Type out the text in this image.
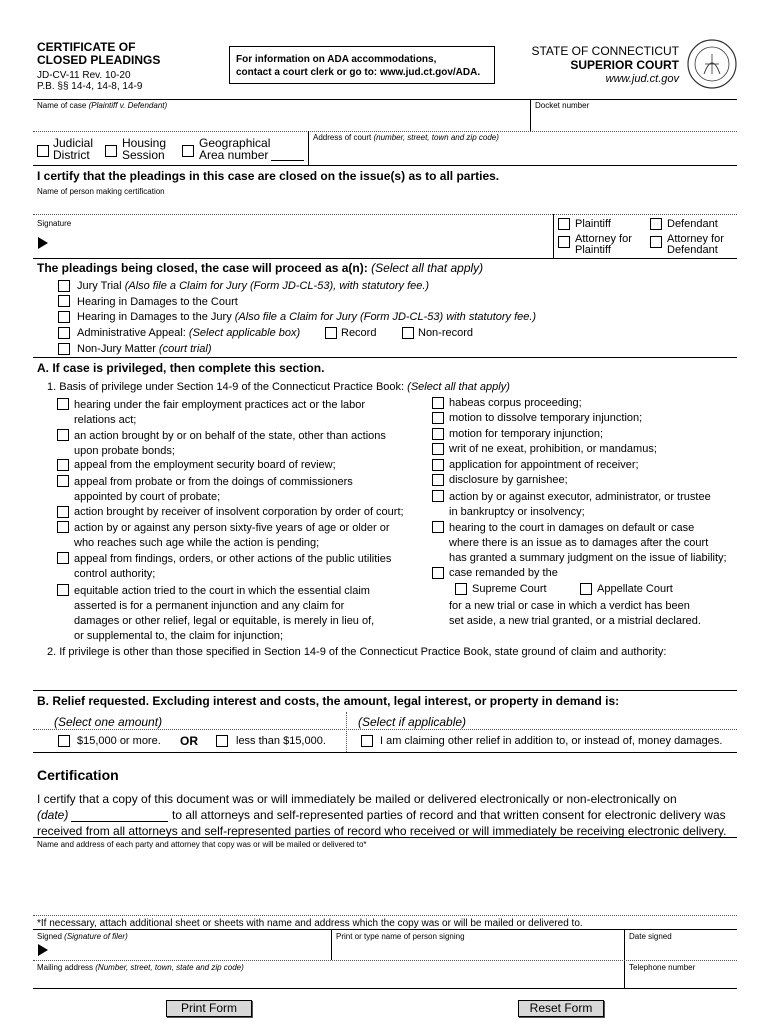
CERTIFICATE OF
CLOSED PLEADINGS
JD-CV-11 Rev. 10-20
P.B. §§ 14-4, 14-8, 14-9
For information on ADA accommodations,
contact a court clerk or go to: www.jud.ct.gov/ADA.
STATE OF CONNECTICUT
SUPERIOR COURT
www.jud.ct.gov
Name of case (Plaintiff v. Defendant)	Docket number
Judicial
District
Housing
Session
Geographical
Area number
Address of court (number, street, town and zip code)
I certify that the pleadings in this case are closed on the issue(s) as to all parties.
Name of person making certification
Signature	Plaintiff	Defendant
Attorney for
Plaintiff
Attorney for
Defendant
The pleadings being closed, the case will proceed as a(n): (Select all that apply)
Jury Trial (Also file a Claim for Jury (Form JD-CL-53), with statutory fee.)
Hearing in Damages to the Court
Hearing in Damages to the Jury (Also file a Claim for Jury (Form JD-CL-53) with statutory fee.)
Administrative Appeal: (Select applicable box)	Record	Non-record
Non-Jury Matter (court trial)
A. If case is privileged, then complete this section.
1. Basis of privilege under Section 14-9 of the Connecticut Practice Book: (Select all that apply)
hearing under the fair employment practices act or the labor
relations act;
an action brought by or on behalf of the state, other than actions
upon probate bonds;
appeal from the employment security board of review;
appeal from probate or from the doings of commissioners
appointed by court of probate;
action brought by receiver of insolvent corporation by order of court;
action by or against any person sixty-five years of age or older or
who reaches such age while the action is pending;
appeal from findings, orders, or other actions of the public utilities
control authority;
equitable action tried to the court in which the essential claim
asserted is for a permanent injunction and any claim for
damages or other relief, legal or equitable, is merely in lieu of,
or supplemental to, the claim for injunction;
habeas corpus proceeding;
motion to dissolve temporary injunction;
motion for temporary injunction;
writ of ne exeat, prohibition, or mandamus;
application for appointment of receiver;
disclosure by garnishee;
action by or against executor, administrator, or trustee
in bankruptcy or insolvency;
hearing to the court in damages on default or case
where there is an issue as to damages after the court
has granted a summary judgment on the issue of liability;
case remanded by the
Supreme Court	Appellate Court
for a new trial or case in which a verdict has been
set aside, a new trial granted, or a mistrial declared.
2. If privilege is other than those specified in Section 14-9 of the Connecticut Practice Book, state ground of claim and authority:
B. Relief requested. Excluding interest and costs, the amount, legal interest, or property in demand is:
(Select one amount)	(Select if applicable)
$15,000 or more. OR	less than $15,000.	I am claiming other relief in addition to, or instead of, money damages.
Certification
I certify that a copy of this document was or will immediately be mailed or delivered electronically or non-electronically on
(date)	to all attorneys and self-represented parties of record and that written consent for electronic delivery was
received from all attorneys and self-represented parties of record who received or will immediately be receiving electronic delivery.
Name and address of each party and attorney that copy was or will be mailed or delivered to*
*If necessary, attach additional sheet or sheets with name and address which the copy was or will be mailed or delivered to.
Signed (Signature of filer)	Print or type name of person signing	Date signed
Mailing address (Number, street, town, state and zip code)	Telephone number
Print Form	Reset Form
